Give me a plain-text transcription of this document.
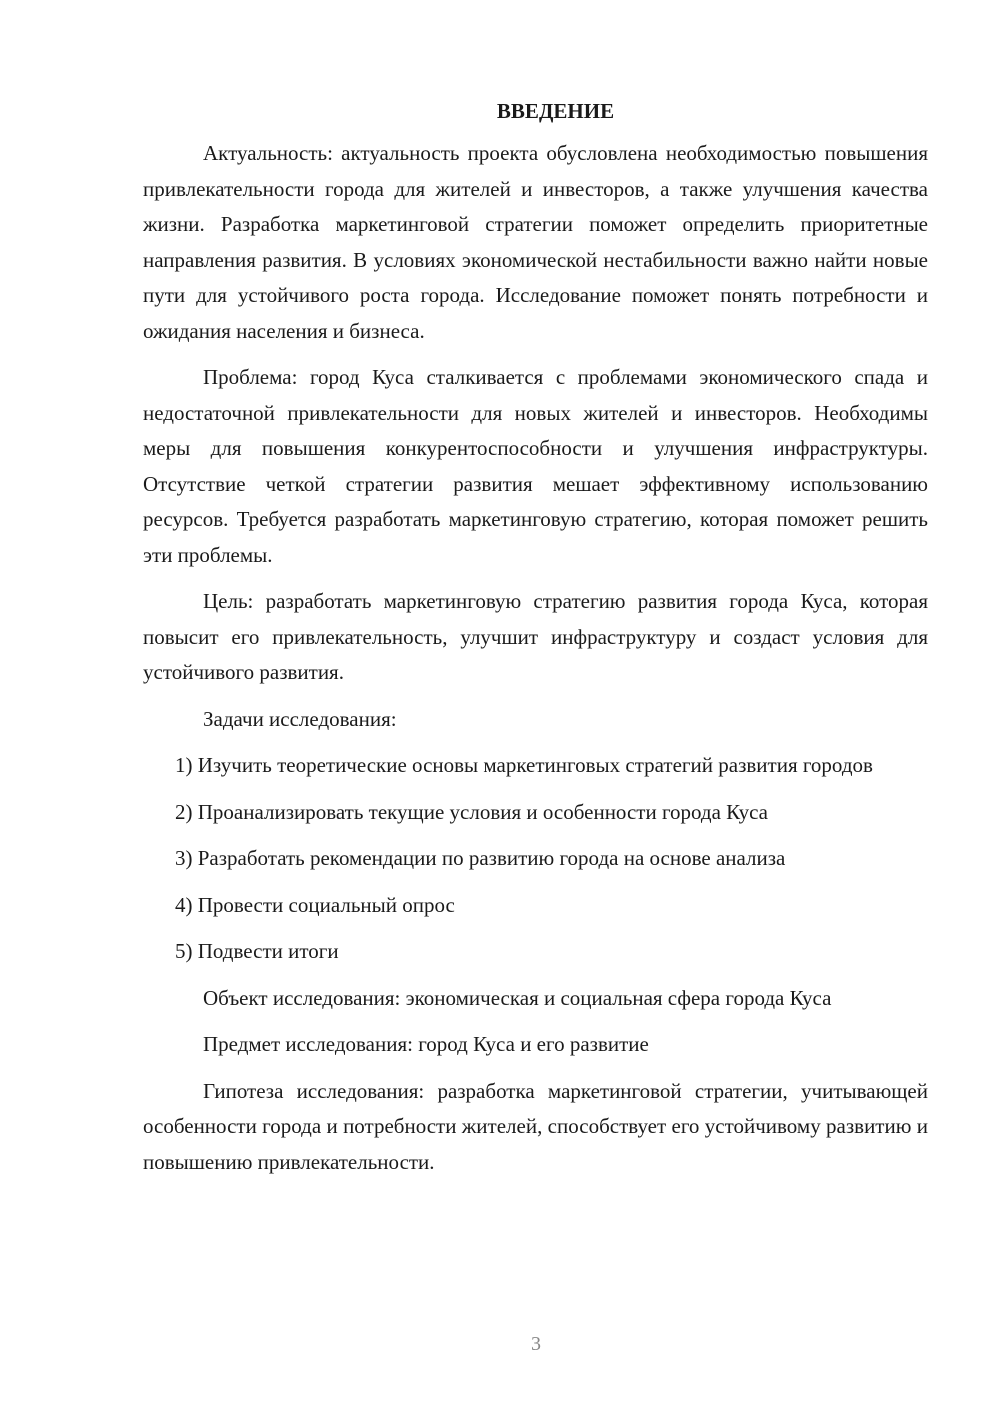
ВВЕДЕНИЕ

Актуальность: актуальность проекта обусловлена необходимостью повышения привлекательности города для жителей и инвесторов, а также улучшения качества жизни. Разработка маркетинговой стратегии поможет определить приоритетные направления развития. В условиях экономической нестабильности важно найти новые пути для устойчивого роста города. Исследование поможет понять потребности и ожидания населения и бизнеса.

Проблема: город Куса сталкивается с проблемами экономического спада и недостаточной привлекательности для новых жителей и инвесторов. Необходимы меры для повышения конкурентоспособности и улучшения инфраструктуры. Отсутствие четкой стратегии развития мешает эффективному использованию ресурсов. Требуется разработать маркетинговую стратегию, которая поможет решить эти проблемы.

Цель: разработать маркетинговую стратегию развития города Куса, которая повысит его привлекательность, улучшит инфраструктуру и создаст условия для устойчивого развития.

Задачи исследования:

1) Изучить теоретические основы маркетинговых стратегий развития городов

2) Проанализировать текущие условия и особенности города Куса

3) Разработать рекомендации по развитию города на основе анализа

4) Провести социальный опрос

5) Подвести итоги

Объект исследования: экономическая и социальная сфера города Куса

Предмет исследования: город Куса и его развитие

Гипотеза исследования: разработка маркетинговой стратегии, учитывающей особенности города и потребности жителей, способствует его устойчивому развитию и повышению привлекательности.

3
